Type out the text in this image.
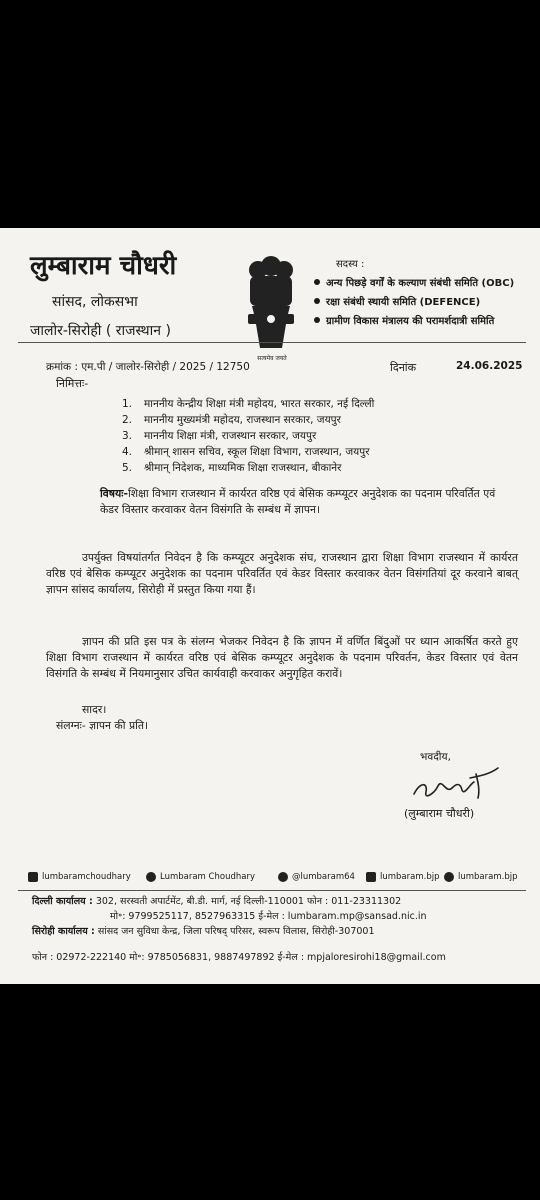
लुम्बाराम चौधरी
सांसद, लोकसभा
जालोर-सिरोही ( राजस्थान )
सत्यमेव जयते
सदस्य :
अन्य पिछड़े वर्गों के कल्याण संबंधी समिति (OBC)
रक्षा संबंधी स्थायी समिति (DEFENCE)
ग्रामीण विकास मंत्रालय की परामर्शदात्री समिति
क्रमांक : एम.पी / जालोर-सिरोही / 2025 / 12750	दिनांक	24.06.2025
निमित्तः-
1. माननीय केन्द्रीय शिक्षा मंत्री महोदय, भारत सरकार, नई दिल्ली
2. माननीय मुख्यमंत्री महोदय, राजस्थान सरकार, जयपुर
3. माननीय शिक्षा मंत्री, राजस्थान सरकार, जयपुर
4. श्रीमान् शासन सचिव, स्कूल शिक्षा विभाग, राजस्थान, जयपुर
5. श्रीमान् निदेशक, माध्यमिक शिक्षा राजस्थान, बीकानेर
विषयः-शिक्षा विभाग राजस्थान में कार्यरत वरिष्ठ एवं बेसिक कम्प्यूटर अनुदेशक का पदनाम परिवर्तित एवं केडर विस्तार करवाकर वेतन विसंगति के सम्बंध में ज्ञापन।

उपर्युक्त विषयांतर्गत निवेदन है कि कम्प्यूटर अनुदेशक संघ, राजस्थान द्वारा शिक्षा विभाग राजस्थान में कार्यरत वरिष्ठ एवं बेसिक कम्प्यूटर अनुदेशक का पदनाम परिवर्तित एवं केडर विस्तार करवाकर वेतन विसंगतियां दूर करवाने बाबत् ज्ञापन सांसद कार्यालय, सिरोही में प्रस्तुत किया गया हैं।

ज्ञापन की प्रति इस पत्र के संलग्न भेजकर निवेदन है कि ज्ञापन में वर्णित बिंदुओं पर ध्यान आकर्षित करते हुए शिक्षा विभाग राजस्थान में कार्यरत वरिष्ठ एवं बेसिक कम्प्यूटर अनुदेशक के पदनाम परिवर्तन, केडर विस्तार एवं वेतन विसंगति के सम्बंध में नियमानुसार उचित कार्यवाही करवाकर अनुगृहित करावें।

सादर।
संलग्नः- ज्ञापन की प्रति।
भवदीय,
(लुम्बाराम चौधरी)
lumbaramchoudhary	Lumbaram Choudhary	@lumbaram64	lumbaram.bjp lumbaram.bjp
दिल्ली कार्यालय : 302, सरस्वती अपार्टमेंट, बी.डी. मार्ग, नई दिल्ली-110001 फोन : 011-23311302
मो॰: 9799525117, 8527963315 ई-मेल : lumbaram.mp@sansad.nic.in
सिरोही कार्यालय : सांसद जन सुविधा केन्द्र, जिला परिषद् परिसर, स्वरूप विलास, सिरोही-307001
फोन : 02972-222140 मो॰: 9785056831, 9887497892 ई-मेल : mpjaloresirohi18@gmail.com
